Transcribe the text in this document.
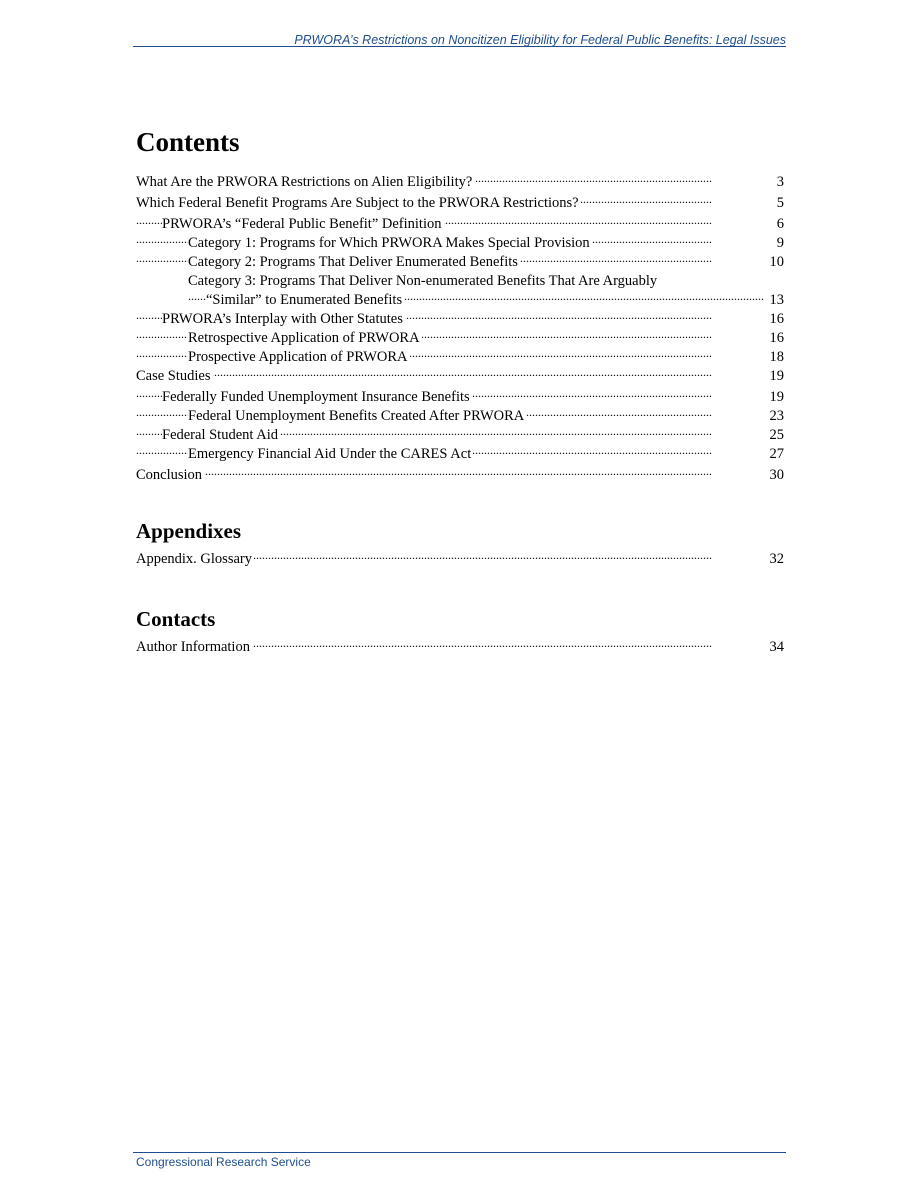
PRWORA’s Restrictions on Noncitizen Eligibility for Federal Public Benefits: Legal Issues
Contents
. . .
What Are the PRWORA Restrictions on Alien Eligibility?	3
. . .
Which Federal Benefit Programs Are Subject to the PRWORA Restrictions?	5
. . .
PRWORA’s “Federal Public Benefit” Definition	6
. . .
Category 1: Programs for Which PRWORA Makes Special Provision	9
. . .
Category 2: Programs That Deliver Enumerated Benefits	10
Category 3: Programs That Deliver Non-enumerated Benefits That Are Arguably
. . .
“Similar” to Enumerated Benefits	13
. . .
PRWORA’s Interplay with Other Statutes	16
. . .
Retrospective Application of PRWORA	16
. . .
Prospective Application of PRWORA	18
. . .
Case Studies	19
. . .
Federally Funded Unemployment Insurance Benefits	19
. . .
Federal Unemployment Benefits Created After PRWORA	23
. . .
Federal Student Aid	25
. . .
Emergency Financial Aid Under the CARES Act	27
. . .
Conclusion	30
Appendixes
. . .
Appendix. Glossary	32
Contacts
. . .
Author Information	34
Congressional Research Service
